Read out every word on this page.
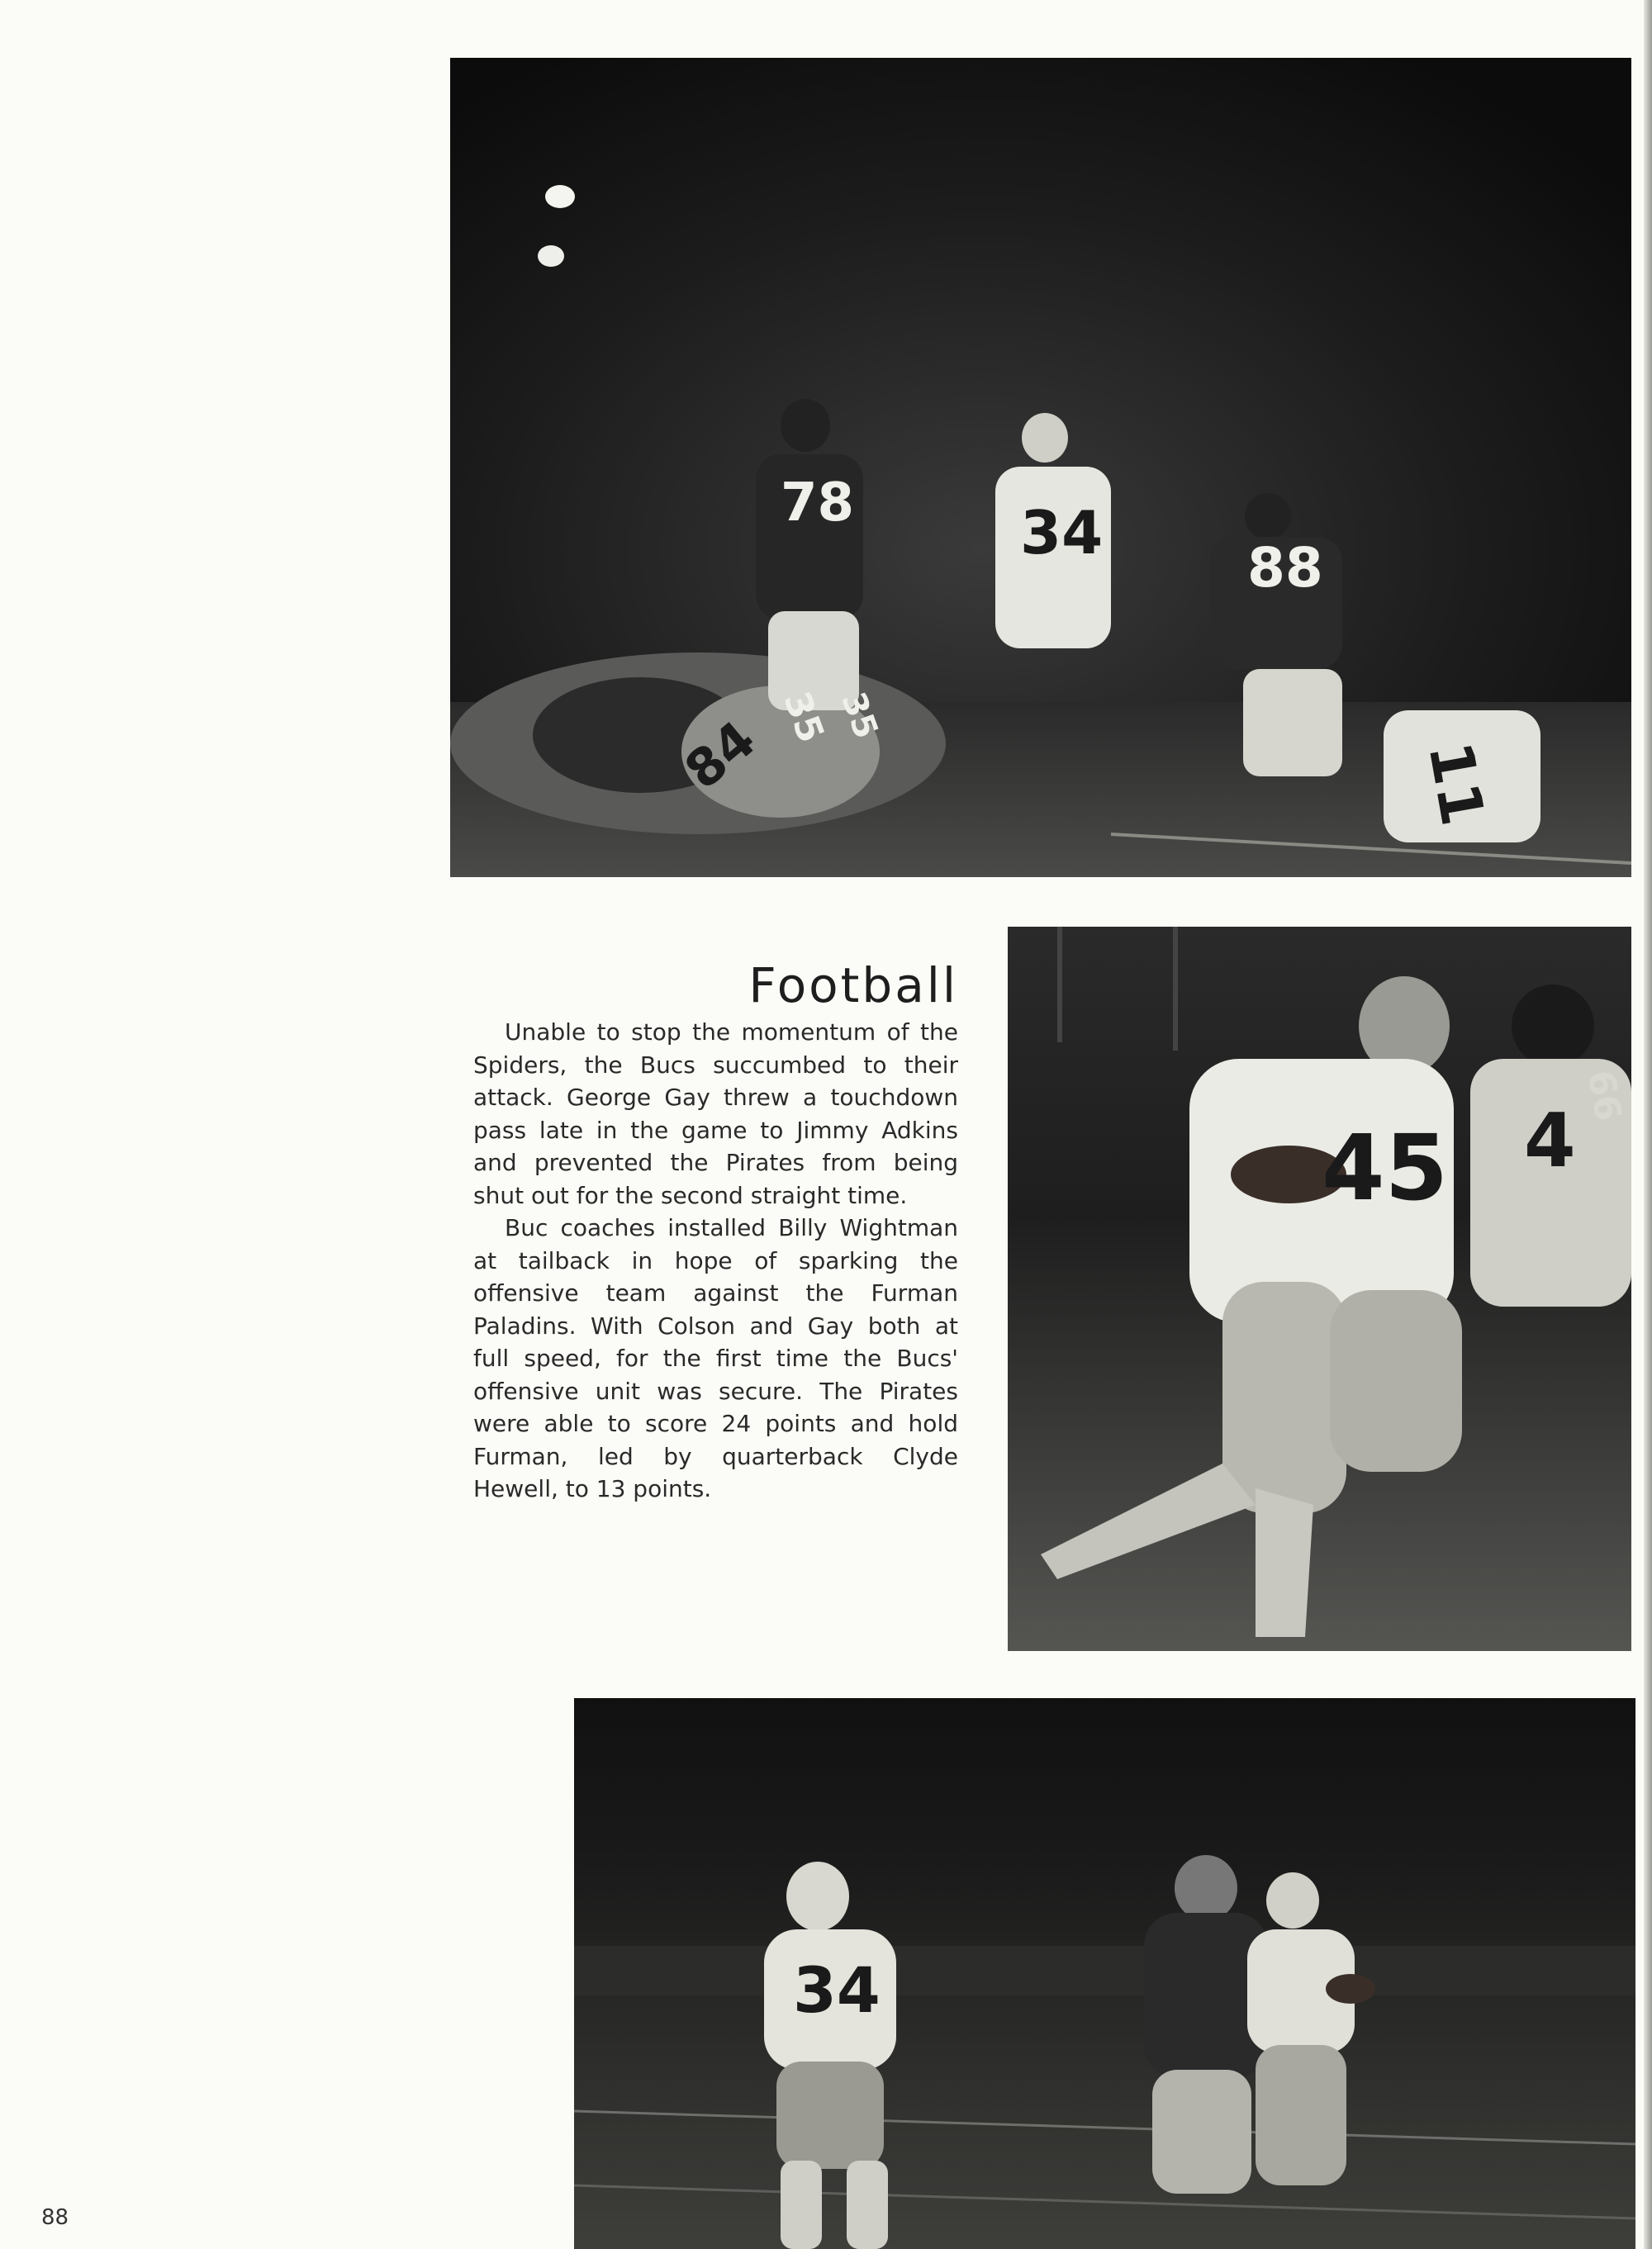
78	34
88
84 35 35
11
Football

Unable to stop the momentum of the Spiders, the Bucs succumbed to their attack. George Gay threw a touchdown pass late in the game to Jimmy Adkins and prevented the Pirates from being shut out for the second straight time.

Buc coaches installed Billy Wightman at tailback in hope of sparking the offensive team against the Furman Paladins. With Colson and Gay both at full speed, for the first time the Bucs' offensive unit was secure. The Pirates were able to score 24 points and hold Furman, led by quarterback Clyde Hewell, to 13 points.

45 4
66
34
88
